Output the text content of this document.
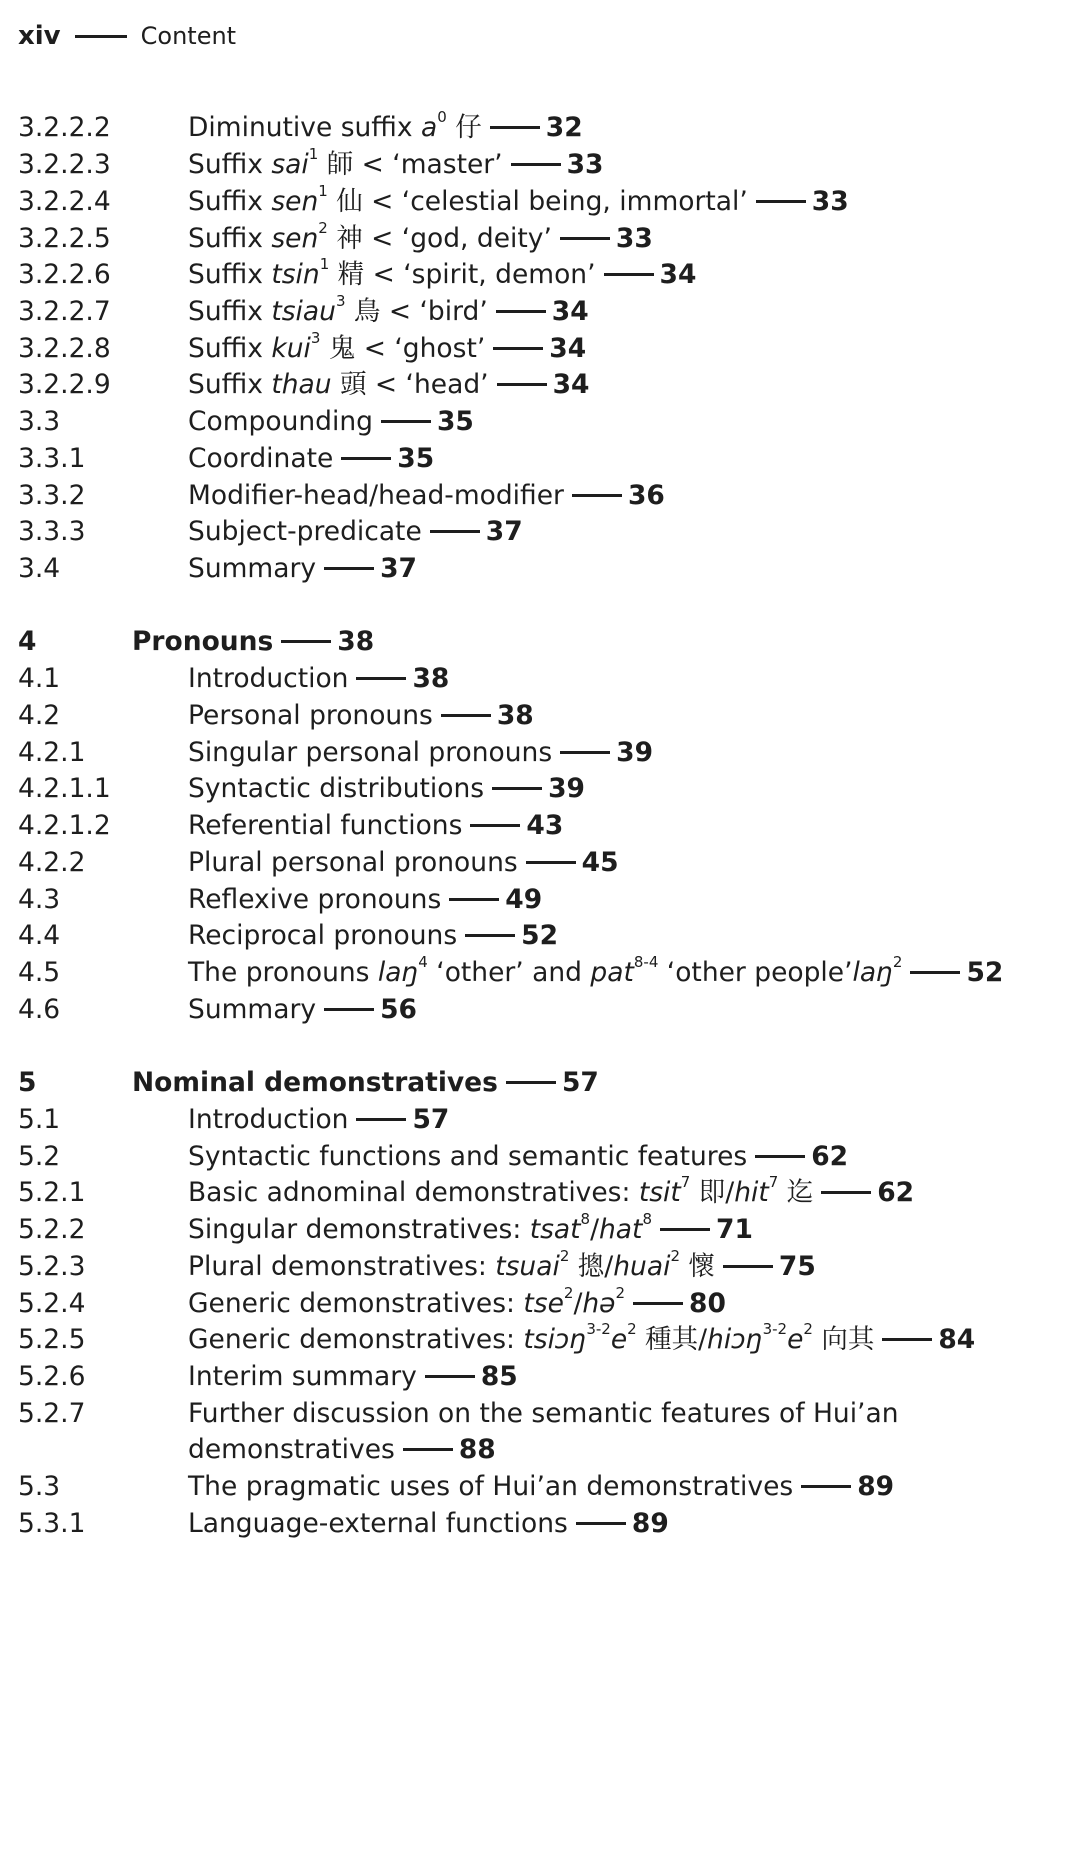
xiv	Content
3.2.2.2	Diminutive suffix $a^0$ 仔 32
3.2.2.3	Suffix sai$^1$ 師 < ‘master’ 33
3.2.2.4	Suffix sen$^1$ 仙 < ‘celestial being, immortal’ 33
3.2.2.5	Suffix sen$^2$ 神 < ‘god, deity’ 33
3.2.2.6	Suffix tsin$^1$ 精 < ‘spirit, demon’ 34
3.2.2.7	Suffix tsiau$^3$ 鳥 < ‘bird’ 34
3.2.2.8	Suffix kui$^3$ 鬼 < ‘ghost’ 34
3.2.2.9	Suffix thau 頭 < ‘head’ 34
3.3	Compounding 35
3.3.1	Coordinate 35
3.3.2	Modifier-head/head-modifier 36
3.3.3	Subject-predicate 37
3.4	Summary 37
4	Pronouns 38
4.1	Introduction 38
4.2	Personal pronouns 38
4.2.1	Singular personal pronouns 39
4.2.1.1	Syntactic distributions 39
4.2.1.2	Referential functions 43
4.2.2	Plural personal pronouns 45
4.3	Reflexive pronouns 49
4.4	Reciprocal pronouns 52
4.5	The pronouns laŋ$^4$ ‘other’ and pat$^{8-4}$ ‘other people’laŋ$^2$ 52
4.6	Summary 56
5	Nominal demonstratives 57
5.1	Introduction 57
5.2	Syntactic functions and semantic features 62
5.2.1	Basic adnominal demonstratives: tsit$^7$ 即/hit$^7$ 迄 62
5.2.2	Singular demonstratives: tsat$^8$/hat$^8$ 71
5.2.3	Plural demonstratives: tsuai$^2$ 摠/huai$^2$ 懷 75
5.2.4	Generic demonstratives: tse$^2$/hə$^2$ 80
5.2.5	Generic demonstratives: $tsiɔŋ^{3-2}e^2$ 種其$/hiɔŋ^{3-2}e^2$ 向其 84
5.2.6	Interim summary 85
5.2.7	Further discussion on the semantic features of Hui’an
demonstratives 88
5.3	The pragmatic uses of Hui’an demonstratives 89
5.3.1	Language-external functions 89
